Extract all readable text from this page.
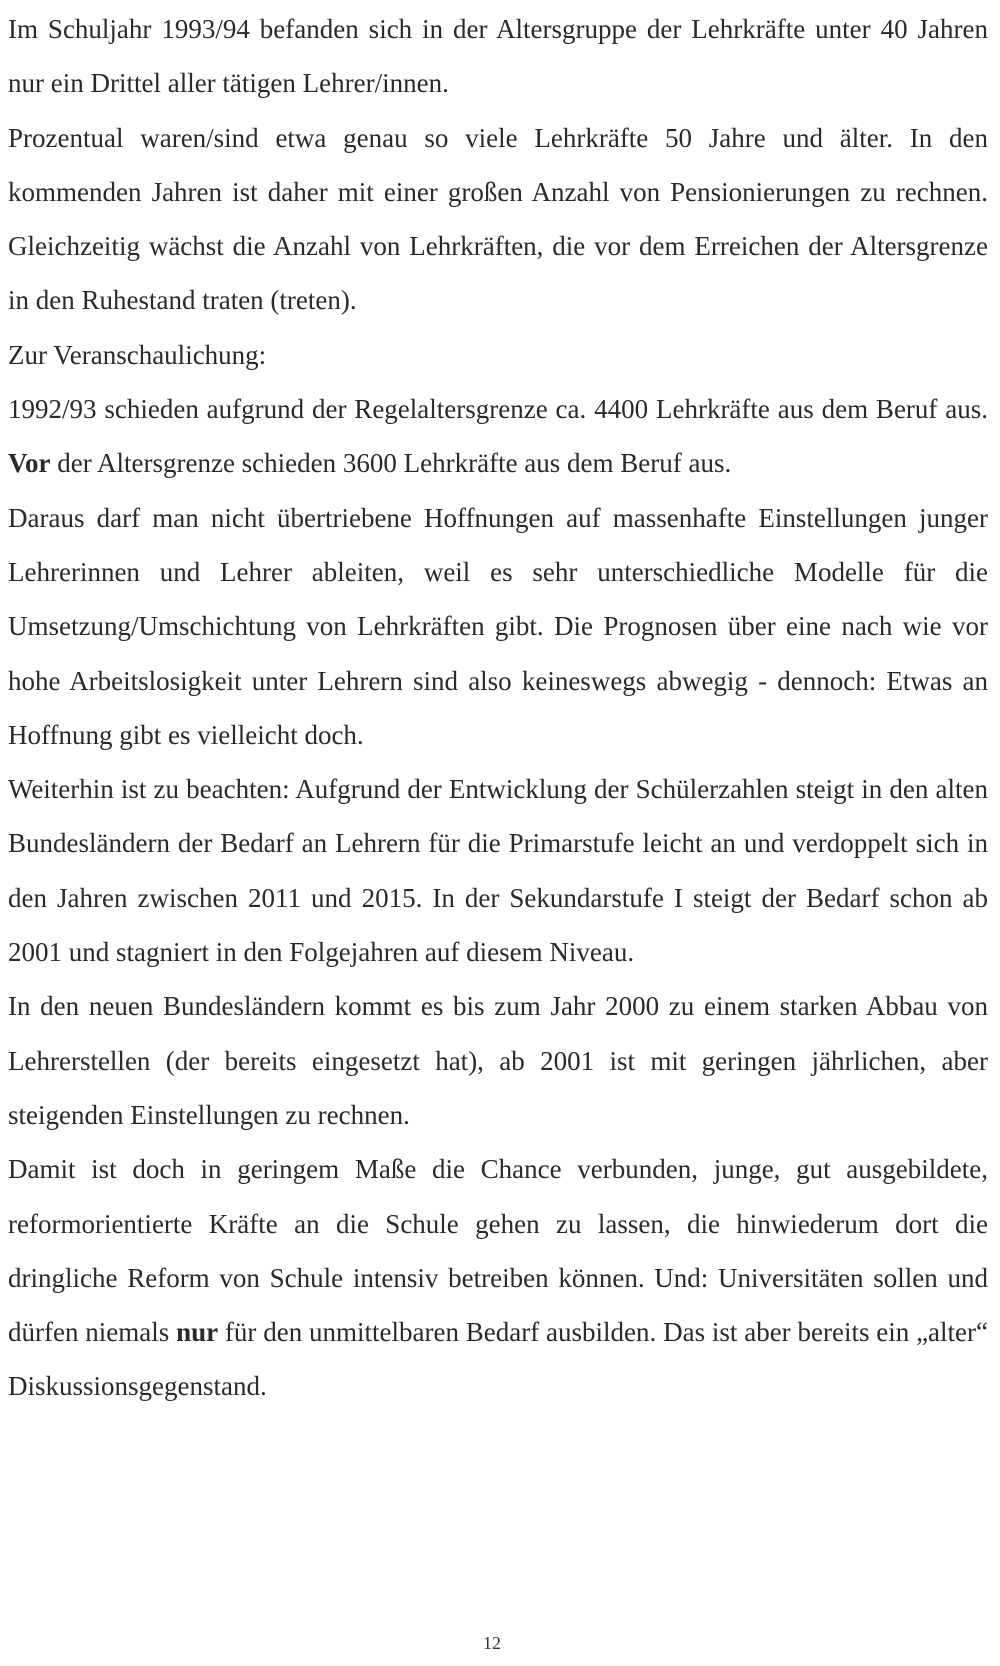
Im Schuljahr 1993/94 befanden sich in der Altersgruppe der Lehrkräfte unter 40 Jahren nur ein Drittel aller tätigen Lehrer/innen.

Prozentual waren/sind etwa genau so viele Lehrkräfte 50 Jahre und älter. In den kommenden Jahren ist daher mit einer großen Anzahl von Pensionierungen zu rechnen. Gleichzeitig wächst die Anzahl von Lehrkräften, die vor dem Erreichen der Altersgrenze in den Ruhestand traten (treten).

Zur Veranschaulichung:

1992/93 schieden aufgrund der Regelaltersgrenze ca. 4400 Lehrkräfte aus dem Beruf aus. Vor der Altersgrenze schieden 3600 Lehrkräfte aus dem Beruf aus.

Daraus darf man nicht übertriebene Hoffnungen auf massenhafte Einstellungen junger Lehrerinnen und Lehrer ableiten, weil es sehr unterschiedliche Modelle für die Umsetzung/Umschichtung von Lehrkräften gibt. Die Prognosen über eine nach wie vor hohe Arbeitslosigkeit unter Lehrern sind also keineswegs abwegig - dennoch: Etwas an Hoffnung gibt es vielleicht doch.

Weiterhin ist zu beachten: Aufgrund der Entwicklung der Schülerzahlen steigt in den alten Bundesländern der Bedarf an Lehrern für die Primarstufe leicht an und verdoppelt sich in den Jahren zwischen 2011 und 2015. In der Sekundarstufe I steigt der Bedarf schon ab 2001 und stagniert in den Folgejahren auf diesem Niveau.

In den neuen Bundesländern kommt es bis zum Jahr 2000 zu einem starken Abbau von Lehrerstellen (der bereits eingesetzt hat), ab 2001 ist mit geringen jährlichen, aber steigenden Einstellungen zu rechnen.

Damit ist doch in geringem Maße die Chance verbunden, junge, gut ausgebildete, reformorientierte Kräfte an die Schule gehen zu lassen, die hinwiederum dort die dringliche Reform von Schule intensiv betreiben können. Und: Universitäten sollen und dürfen niemals nur für den unmittelbaren Bedarf ausbilden. Das ist aber bereits ein „alter“ Diskussionsgegenstand.

12
